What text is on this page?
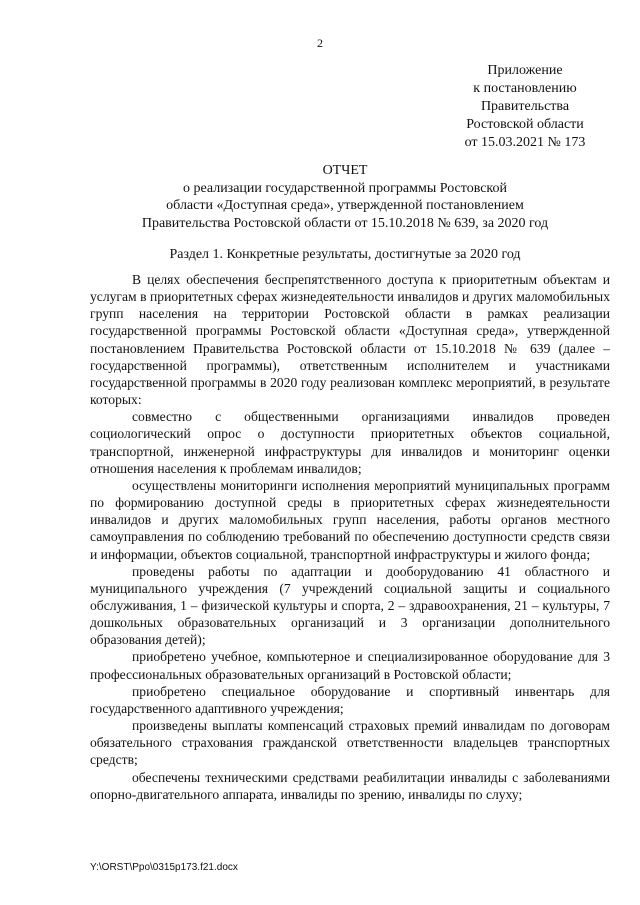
2
Приложение
к постановлению
Правительства
Ростовской области
от 15.03.2021 № 173
ОТЧЕТ
о реализации государственной программы Ростовской
области «Доступная среда», утвержденной постановлением
Правительства Ростовской области от 15.10.2018 № 639, за 2020 год
Раздел 1. Конкретные результаты, достигнутые за 2020 год

В целях обеспечения беспрепятственного доступа к приоритетным объектам и услугам в приоритетных сферах жизнедеятельности инвалидов и других маломобильных групп населения на территории Ростовской области в рамках реализации государственной программы Ростовской области «Доступная среда», утвержденной постановлением Правительства Ростовской области от 15.10.2018 № 639 (далее – государственной программы), ответственным исполнителем и участниками государственной программы в 2020 году реализован комплекс мероприятий, в результате которых:

совместно с общественными организациями инвалидов проведен социологический опрос о доступности приоритетных объектов социальной, транспортной, инженерной инфраструктуры для инвалидов и мониторинг оценки отношения населения к проблемам инвалидов;

осуществлены мониторинги исполнения мероприятий муниципальных программ по формированию доступной среды в приоритетных сферах жизнедеятельности инвалидов и других маломобильных групп населения, работы органов местного самоуправления по соблюдению требований по обеспечению доступности средств связи и информации, объектов социальной, транспортной инфраструктуры и жилого фонда;

проведены работы по адаптации и дооборудованию 41 областного и муниципального учреждения (7 учреждений социальной защиты и социального обслуживания, 1 – физической культуры и спорта, 2 – здравоохранения, 21 – культуры, 7 дошкольных образовательных организаций и 3 организации дополнительного образования детей);

приобретено учебное, компьютерное и специализированное оборудование для 3 профессиональных образовательных организаций в Ростовской области;

приобретено специальное оборудование и спортивный инвентарь для государственного адаптивного учреждения;

произведены выплаты компенсаций страховых премий инвалидам по договорам обязательного страхования гражданской ответственности владельцев транспортных средств;

обеспечены техническими средствами реабилитации инвалиды с заболеваниями опорно-двигательного аппарата, инвалиды по зрению, инвалиды по слуху;

Y:\ORST\Ppo\0315p173.f21.docx
